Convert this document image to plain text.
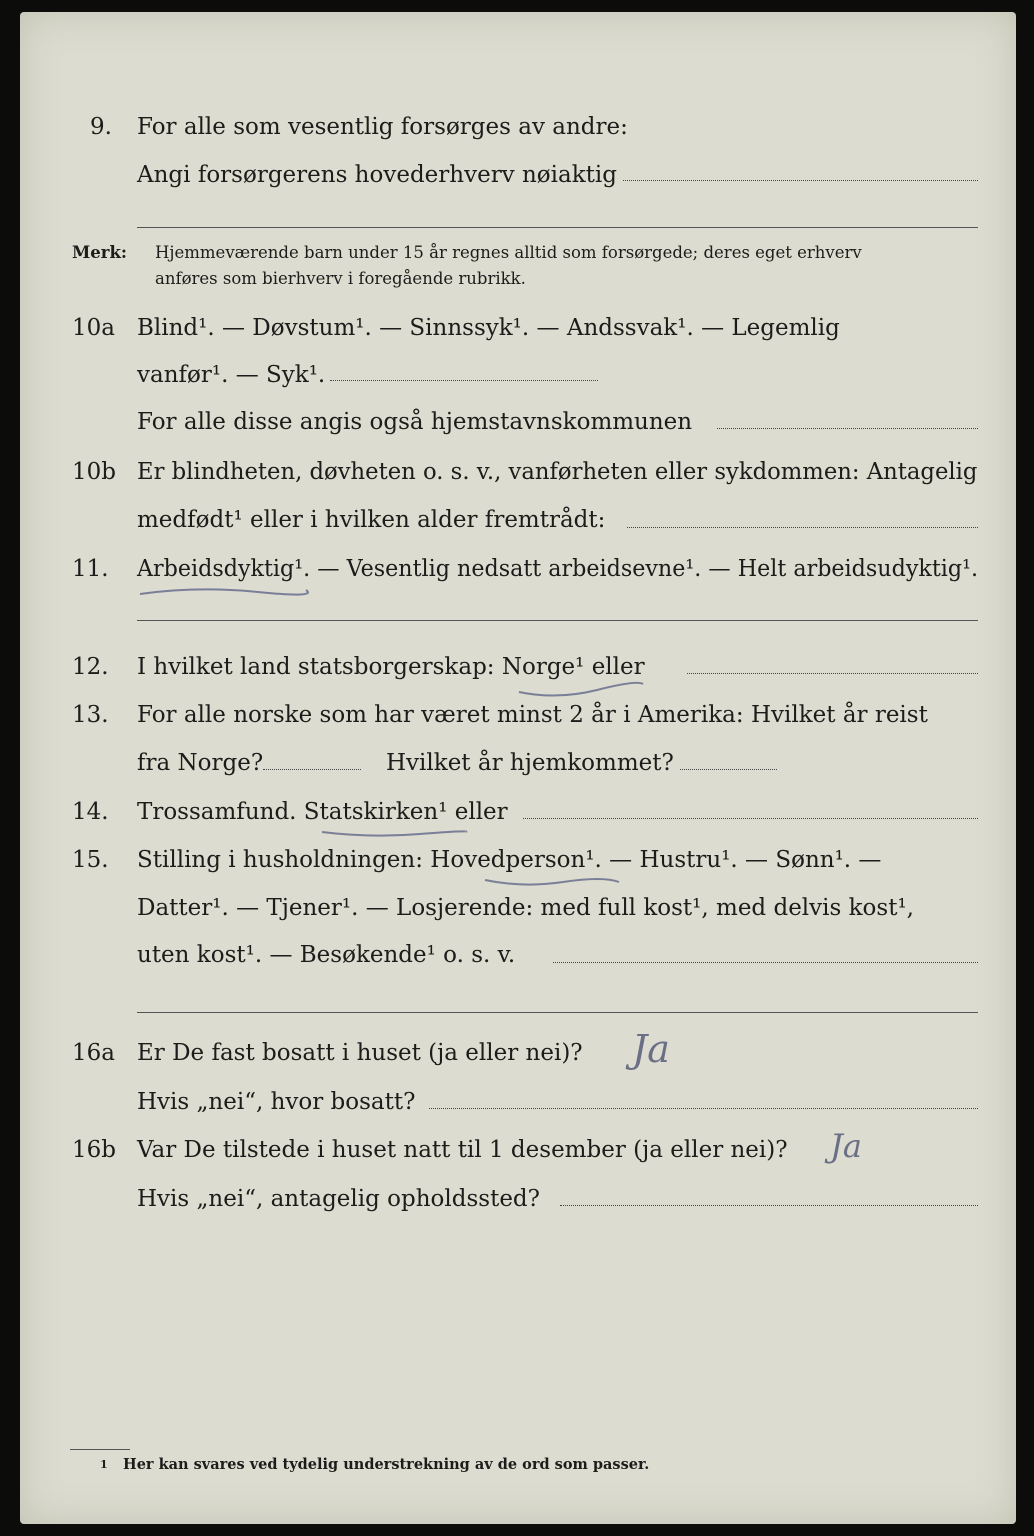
9. For alle som vesentlig forsørges av andre:
Angi forsørgerens hovederhverv nøiaktig
Merk: Hjemmeværende barn under 15 år regnes alltid som forsørgede; deres eget erhverv
anføres som bierhverv i foregående rubrikk.
10a Blind¹. — Døvstum¹. — Sinnssyk¹. — Andssvak¹. — Legemlig
vanfør¹. — Syk¹.
For alle disse angis også hjemstavnskommunen
10b Er blindheten, døvheten o. s. v., vanførheten eller sykdommen: Antagelig
medfødt¹ eller i hvilken alder fremtrådt:
11. Arbeidsdyktig¹. — Vesentlig nedsatt arbeidsevne¹. — Helt arbeidsudyktig¹.
12. I hvilket land statsborgerskap: Norge¹ eller
13. For alle norske som har været minst 2 år i Amerika: Hvilket år reist
fra Norge?	Hvilket år hjemkommet?
14. Trossamfund. Statskirken¹ eller
15. Stilling i husholdningen: Hovedperson¹. — Hustru¹. — Sønn¹. —
Datter¹. — Tjener¹. — Losjerende: med full kost¹, med delvis kost¹,
uten kost¹. — Besøkende¹ o. s. v.
16a Er De fast bosatt i huset (ja eller nei)? Ja
Hvis „nei“, hvor bosatt?
16b Var De tilstede i huset natt til 1 desember (ja eller nei)? Ja
Hvis „nei“, antagelig opholdssted?
1 Her kan svares ved tydelig understrekning av de ord som passer.
